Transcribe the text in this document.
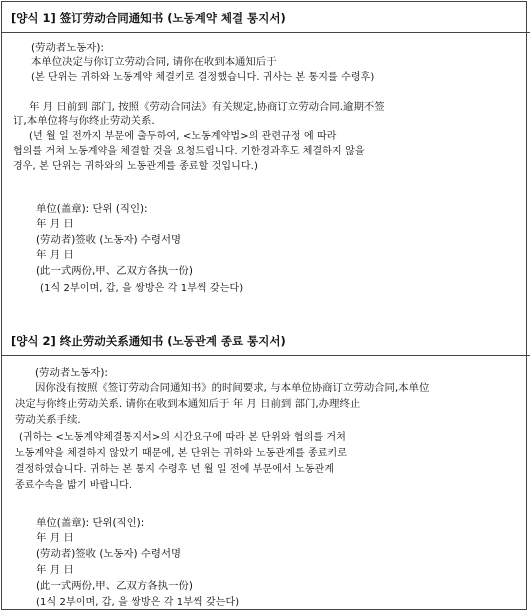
[양식 1] 签订劳动合同通知书 (노동계약 체결 통지서)
(劳动者노동자):
本单位决定与你订立劳动合同, 请你在收到本通知后于
(본 단위는 귀하와 노동계약 체결키로 결정했습니다. 귀사는 본 통지를 수령후)
年 月 日前到 部门, 按照《劳动合同法》有关规定,协商订立劳动合同.逾期不签
订,本单位将与你终止劳动关系.
(년 월 일 전까지 부문에 출두하여, <노동계약법>의 관련규정 에 따라
협의를 거쳐 노동계약을 체결할 것을 요청드립니다. 기한경과후도 체결하지 않을
경우, 본 단위는 귀하와의 노동관계를 종료할 것입니다.)
单位(盖章): 단위 (직인):
年 月 日
(劳动者)签收 (노동자) 수령서명
年 月 日
(此一式两份,甲、乙双方各执一份)
(1식 2부이며, 갑, 을 쌍방은 각 1부씩 갖는다)
[양식 2] 终止劳动关系通知书 (노동관계 종료 통지서)
(劳动者노동자):
因你没有按照《签订劳动合同通知书》的时间要求, 与本单位协商订立劳动合同,本单位
决定与你终止劳动关系. 请你在收到本通知后于 年 月 日前到 部门,办理终止
劳动关系手续.
(귀하는 <노동계약체결통지서>의 시간요구에 따라 본 단위와 협의를 거쳐
노동계약을 체결하지 않았기 때문에, 본 단위는 귀하와 노동관계를 종료키로
결정하였습니다. 귀하는 본 통지 수령후 년 월 일 전에 부문에서 노동관계
종료수속을 밟기 바랍니다.
单位(盖章): 단위(직인):
年 月 日
(劳动者)签收 (노동자) 수령서명
年 月 日
(此一式两份,甲、乙双方各执一份)
(1식 2부이며, 갑, 을 쌍방은 각 1부씩 갖는다)
